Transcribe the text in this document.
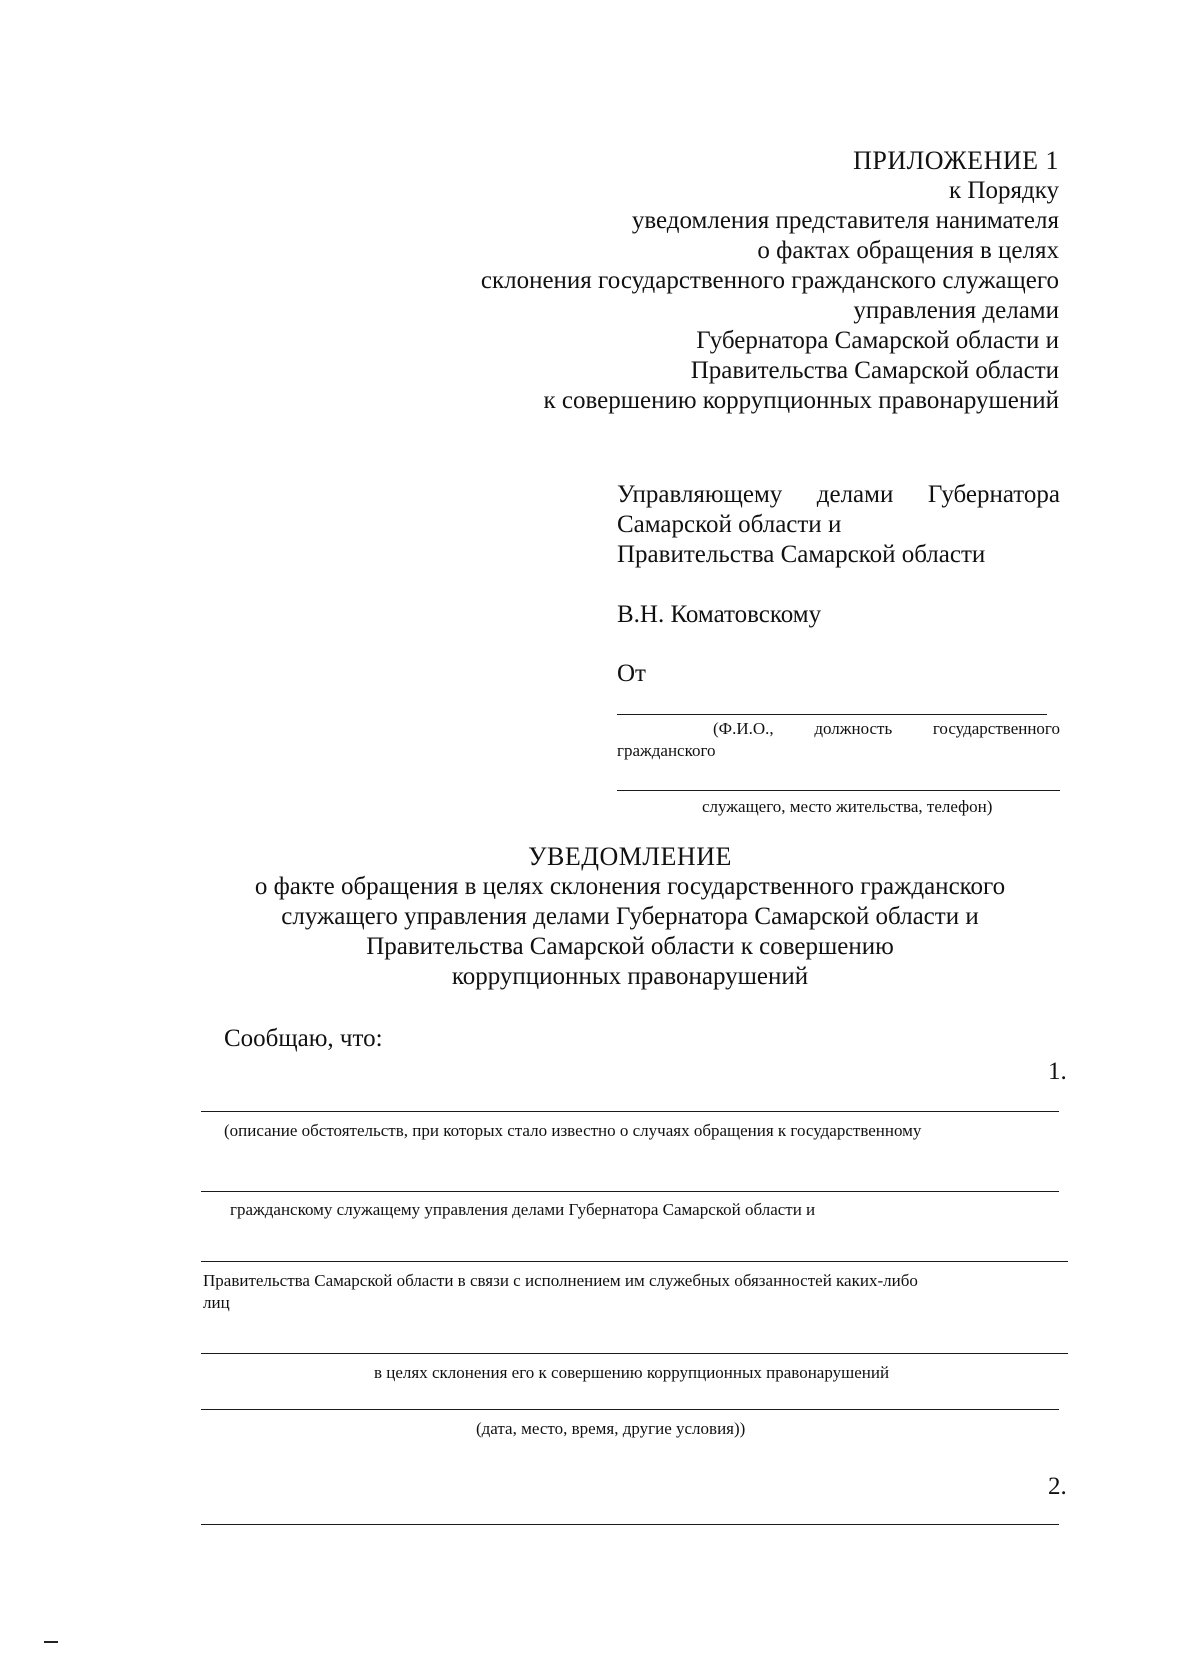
ПРИЛОЖЕНИЕ 1
к Порядку
уведомления представителя нанимателя
о фактах обращения в целях
склонения государственного гражданского служащего
управления делами
Губернатора Самарской области и
Правительства Самарской области
к совершению коррупционных правонарушений
Управляющему делами Губернатора
Самарской области и
Правительства Самарской области
В.Н. Коматовскому
От
(Ф.И.О., должность государственного
гражданского
служащего, место жительства, телефон)
УВЕДОМЛЕНИЕ
о факте обращения в целях склонения государственного гражданского
служащего управления делами Губернатора Самарской области и
Правительства Самарской области к совершению
коррупционных правонарушений
Сообщаю, что:
1.
(описание обстоятельств, при которых стало известно о случаях обращения к государственному
гражданскому служащему управления делами Губернатора Самарской области и
Правительства Самарской области в связи с исполнением им служебных обязанностей каких-либо
лиц
в целях склонения его к совершению коррупционных правонарушений
(дата, место, время, другие условия))
2.
